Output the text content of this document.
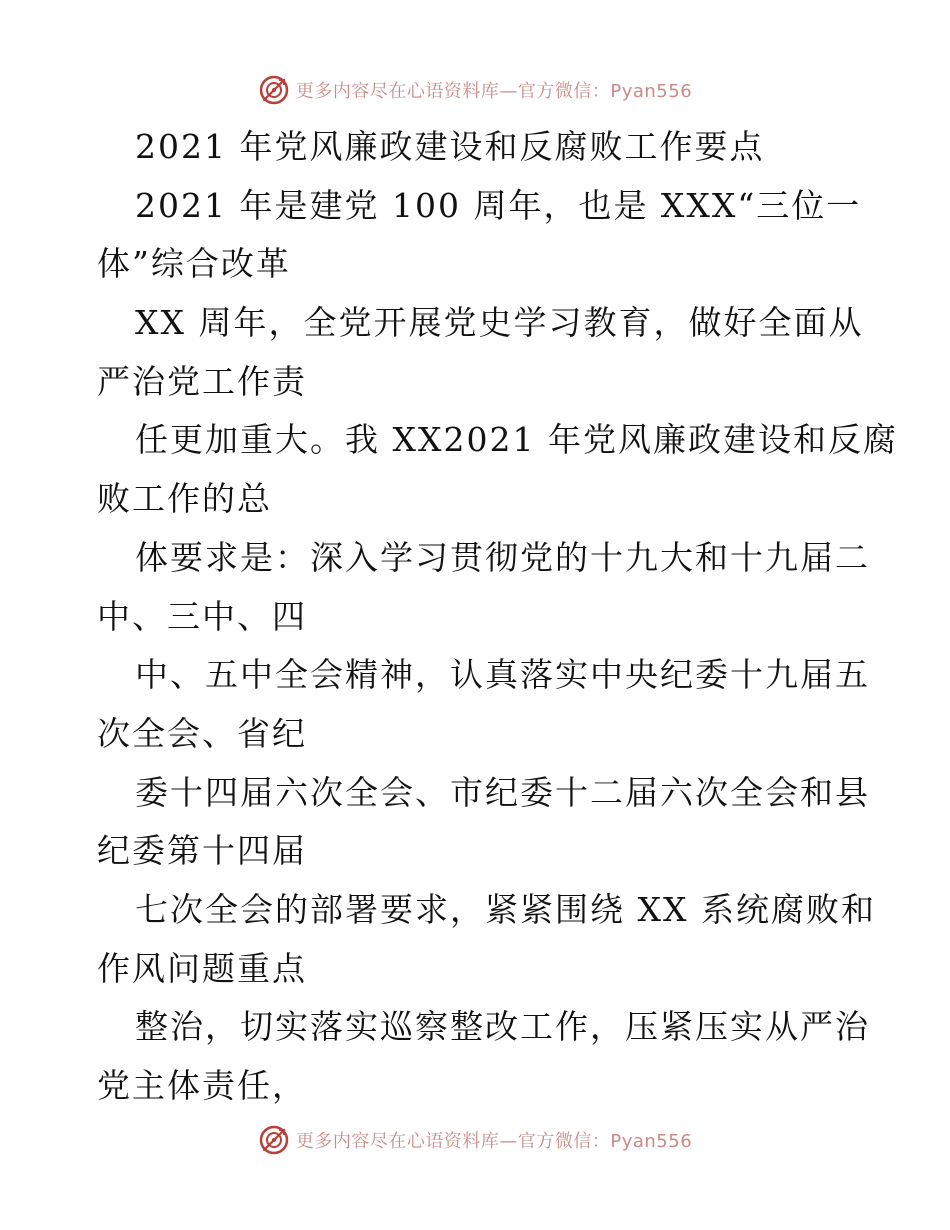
更多内容尽在心语资料库—官方微信：Pyan556
2021 年党风廉政建设和反腐败工作要点
2021 年是建党 100 周年，也是 XXX“三位一
体”综合改革
XX 周年，全党开展党史学习教育，做好全面从
严治党工作责
任更加重大。我 XX2021 年党风廉政建设和反腐
败工作的总
体要求是：深入学习贯彻党的十九大和十九届二
中、三中、四
中、五中全会精神，认真落实中央纪委十九届五
次全会、省纪
委十四届六次全会、市纪委十二届六次全会和县
纪委第十四届
七次全会的部署要求，紧紧围绕 XX 系统腐败和
作风问题重点
整治，切实落实巡察整改工作，压紧压实从严治
党主体责任，
更多内容尽在心语资料库—官方微信：Pyan556
